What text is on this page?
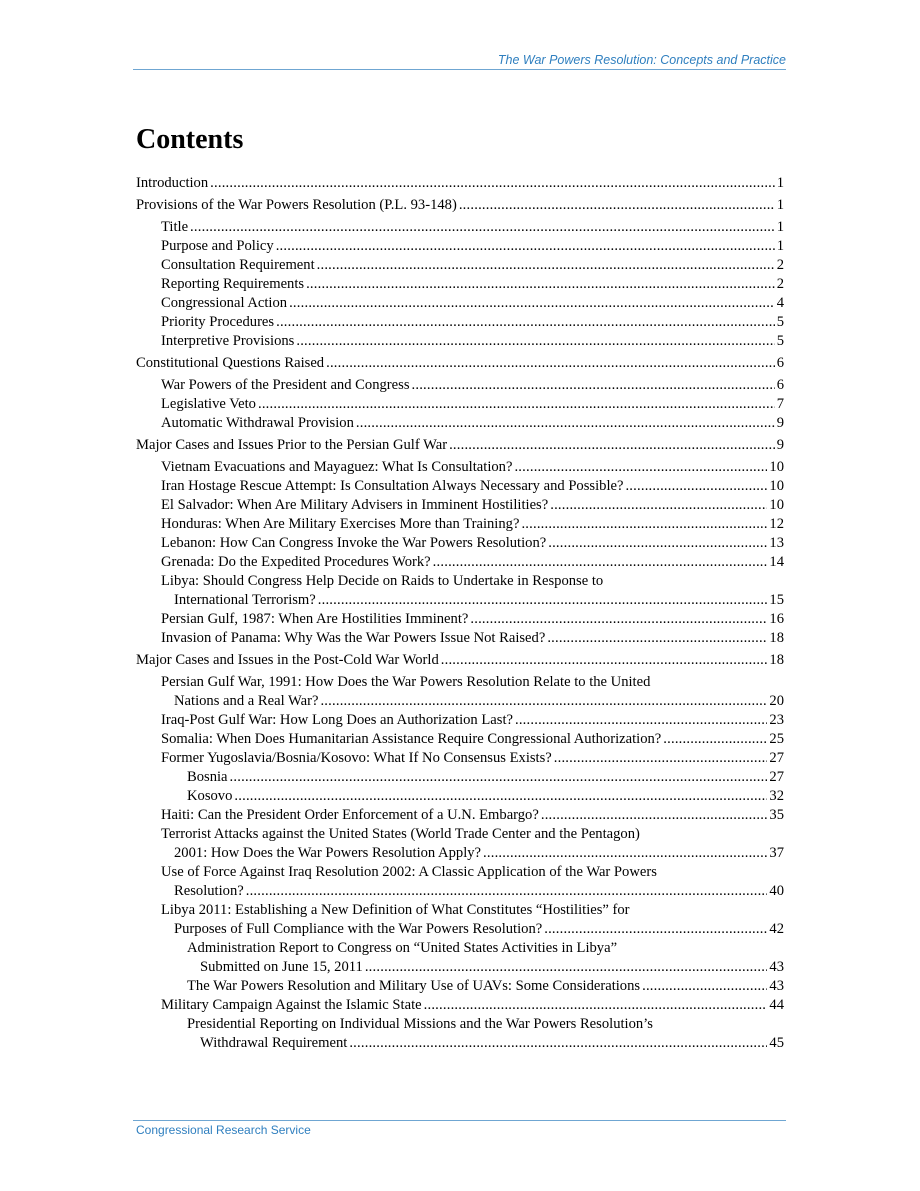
The War Powers Resolution: Concepts and Practice
Contents
Introduction .....	1
Provisions of the War Powers Resolution (P.L. 93-148) .....	1
Title .....	1
Purpose and Policy .....	1
Consultation Requirement .....	2
Reporting Requirements .....	2
Congressional Action .....	4
Priority Procedures .....	5
Interpretive Provisions .....	5
Constitutional Questions Raised .....	6
War Powers of the President and Congress .....	6
Legislative Veto .....	7
Automatic Withdrawal Provision .....	9
Major Cases and Issues Prior to the Persian Gulf War .....	9
Vietnam Evacuations and Mayaguez: What Is Consultation? .....	10
Iran Hostage Rescue Attempt: Is Consultation Always Necessary and Possible? .....	10
El Salvador: When Are Military Advisers in Imminent Hostilities? .....	10
Honduras: When Are Military Exercises More than Training? .....	12
Lebanon: How Can Congress Invoke the War Powers Resolution? .....	13
Grenada: Do the Expedited Procedures Work? .....	14
Libya: Should Congress Help Decide on Raids to Undertake in Response to
International Terrorism? .....	15
Persian Gulf, 1987: When Are Hostilities Imminent? .....	16
Invasion of Panama: Why Was the War Powers Issue Not Raised? .....	18
Major Cases and Issues in the Post-Cold War World .....	18
Persian Gulf War, 1991: How Does the War Powers Resolution Relate to the United
Nations and a Real War? .....	20
Iraq-Post Gulf War: How Long Does an Authorization Last? .....	23
Somalia: When Does Humanitarian Assistance Require Congressional Authorization? .....	25
Former Yugoslavia/Bosnia/Kosovo: What If No Consensus Exists? .....	27
Bosnia .....	27
Kosovo .....	32
Haiti: Can the President Order Enforcement of a U.N. Embargo? .....	35
Terrorist Attacks against the United States (World Trade Center and the Pentagon)
2001: How Does the War Powers Resolution Apply? .....	37
Use of Force Against Iraq Resolution 2002: A Classic Application of the War Powers
Resolution? .....	40
Libya 2011: Establishing a New Definition of What Constitutes “Hostilities” for
Purposes of Full Compliance with the War Powers Resolution? .....	42
Administration Report to Congress on “United States Activities in Libya”
Submitted on June 15, 2011 .....	43
The War Powers Resolution and Military Use of UAVs: Some Considerations .....	43
Military Campaign Against the Islamic State .....	44
Presidential Reporting on Individual Missions and the War Powers Resolution’s
Withdrawal Requirement .....	45
Congressional Research Service
